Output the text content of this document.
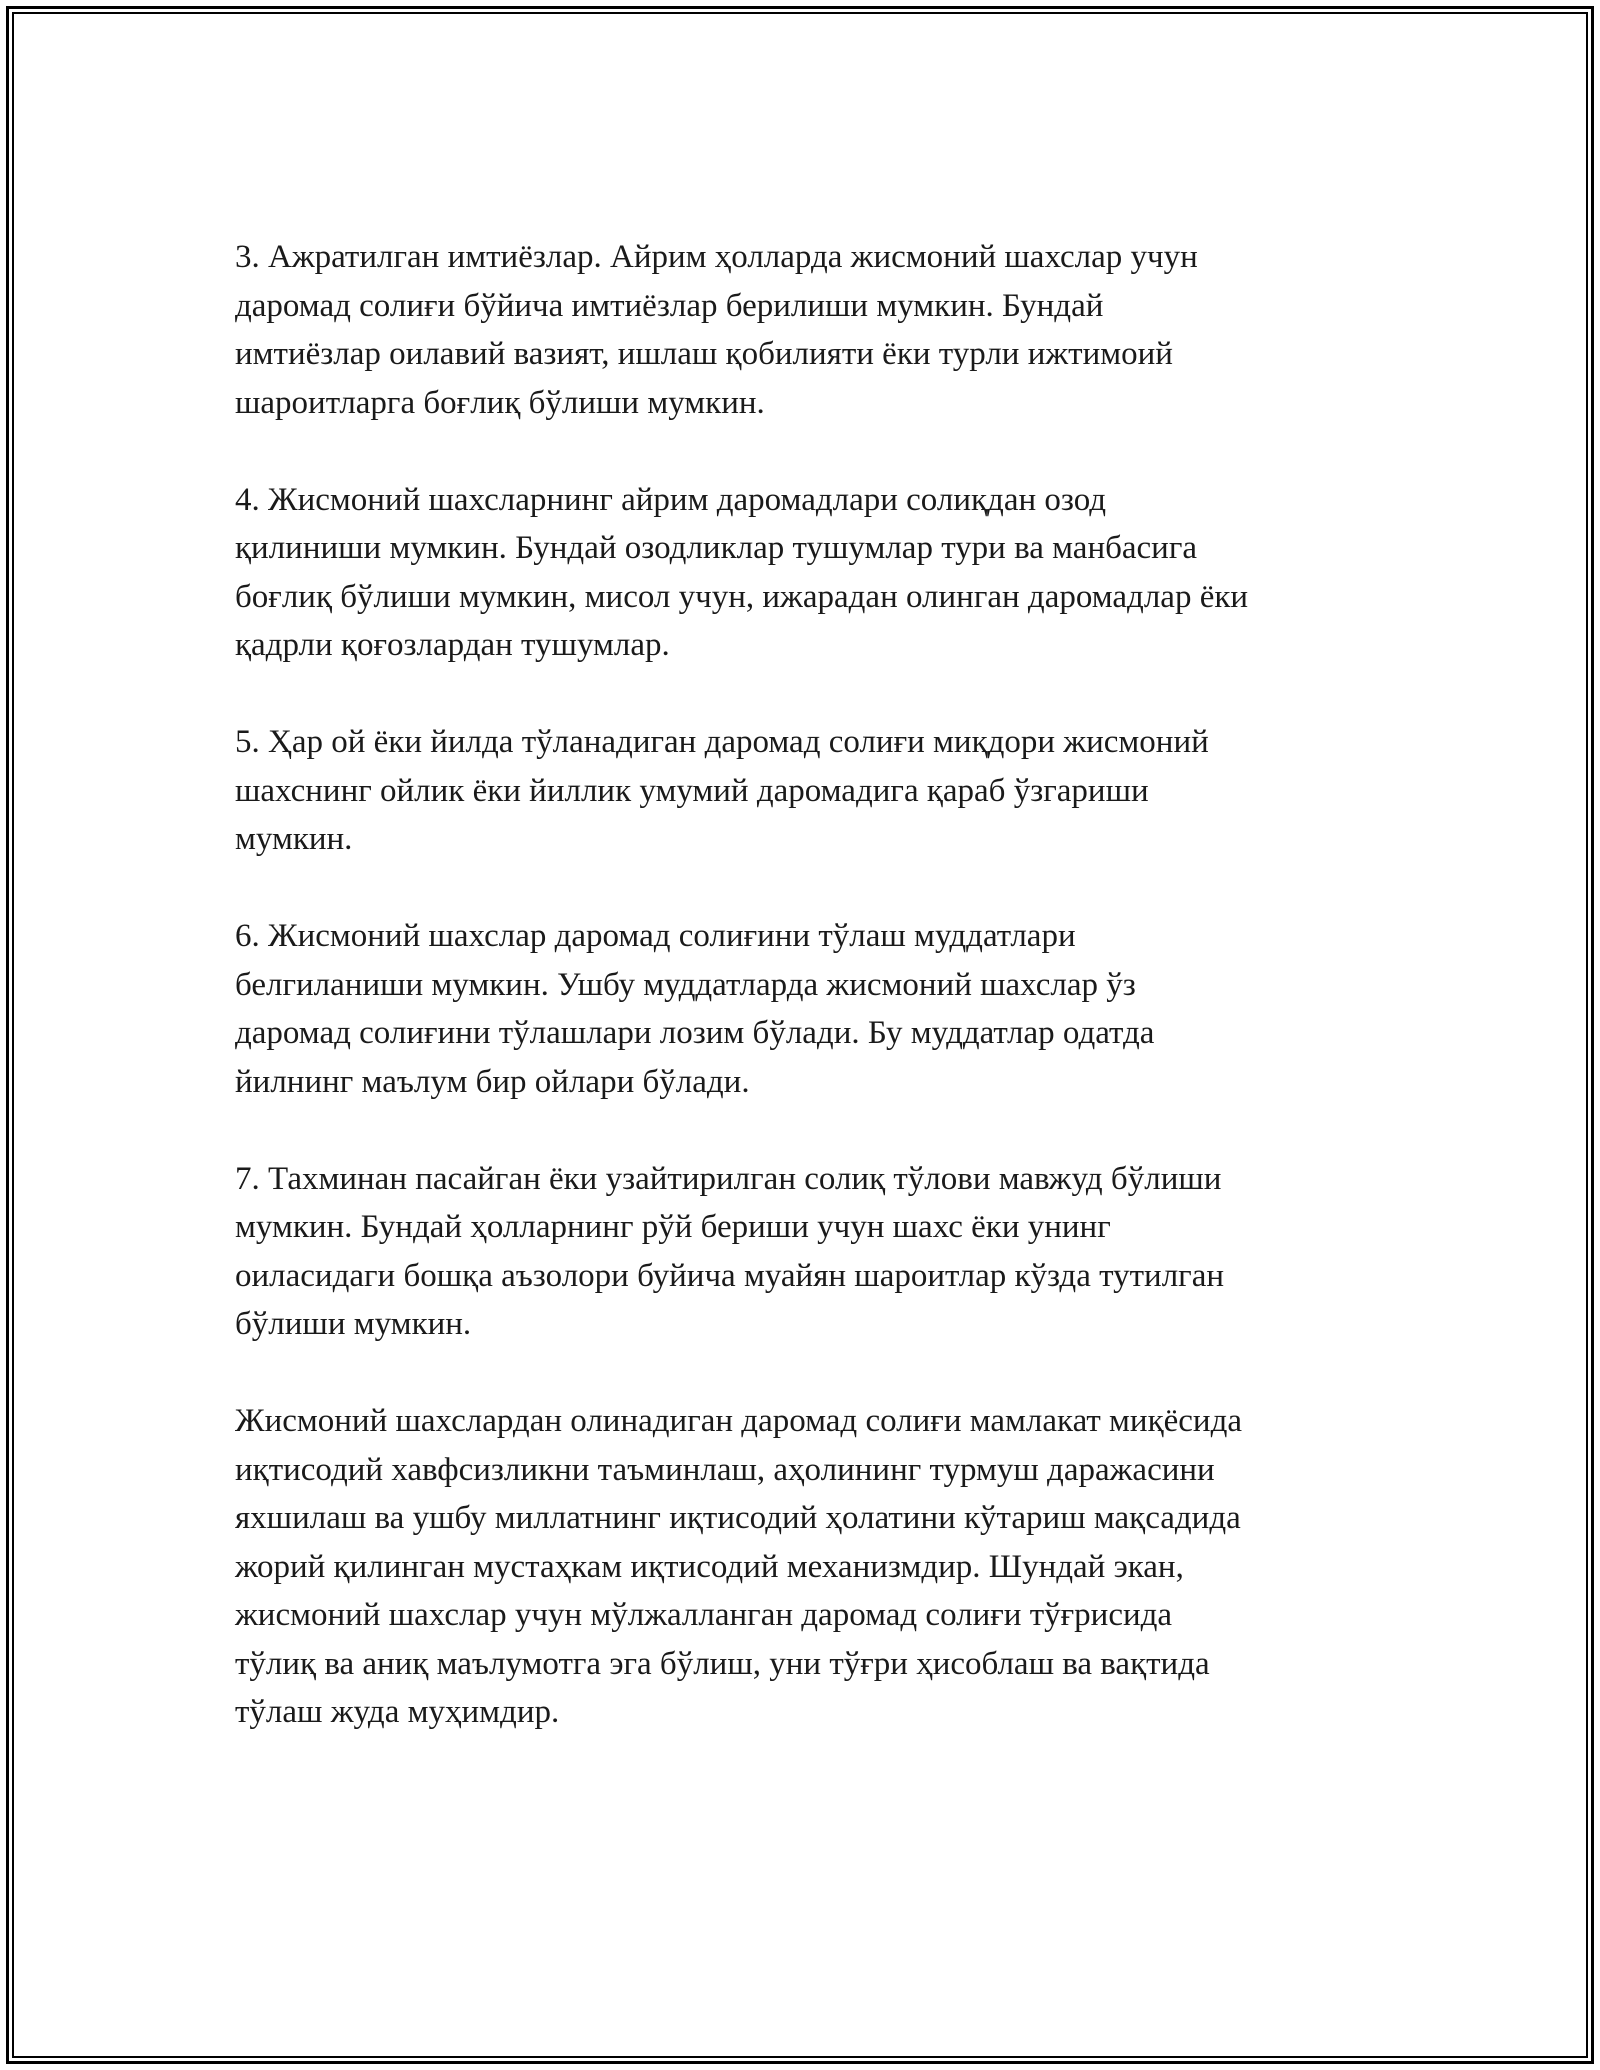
3. Ажратилган имтиёзлар. Айрим ҳолларда жисмоний шахслар учун
даромад солиғи бўйича имтиёзлар берилиши мумкин. Бундай
имтиёзлар оилавий вазият, ишлаш қобилияти ёки турли ижтимоий
шароитларга боғлиқ бўлиши мумкин.

4. Жисмоний шахсларнинг айрим даромадлари солиқдан озод
қилиниши мумкин. Бундай озодликлар тушумлар тури ва манбасига
боғлиқ бўлиши мумкин, мисол учун, ижарадан олинган даромадлар ёки
қадрли қоғозлардан тушумлар.

5. Ҳар ой ёки йилда тўланадиган даромад солиғи миқдори жисмоний
шахснинг ойлик ёки йиллик умумий даромадига қараб ўзгариши
мумкин.

6. Жисмоний шахслар даромад солиғини тўлаш муддатлари
белгиланиши мумкин. Ушбу муддатларда жисмоний шахслар ўз
даромад солиғини тўлашлари лозим бўлади. Бу муддатлар одатда
йилнинг маълум бир ойлари бўлади.

7. Тахминан пасайган ёки узайтирилган солиқ тўлови мавжуд бўлиши
мумкин. Бундай ҳолларнинг рўй бериши учун шахс ёки унинг
оиласидаги бошқа аъзолори буйича муайян шароитлар кўзда тутилган
бўлиши мумкин.

Жисмоний шахслардан олинадиган даромад солиғи мамлакат миқёсида
иқтисодий хавфсизликни таъминлаш, аҳолининг турмуш даражасини
яхшилаш ва ушбу миллатнинг иқтисодий ҳолатини кўтариш мақсадида
жорий қилинган мустаҳкам иқтисодий механизмдир. Шундай экан,
жисмоний шахслар учун мўлжалланган даромад солиғи тўғрисида
тўлиқ ва аниқ маълумотга эга бўлиш, уни тўғри ҳисоблаш ва вақтида
тўлаш жуда муҳимдир.
